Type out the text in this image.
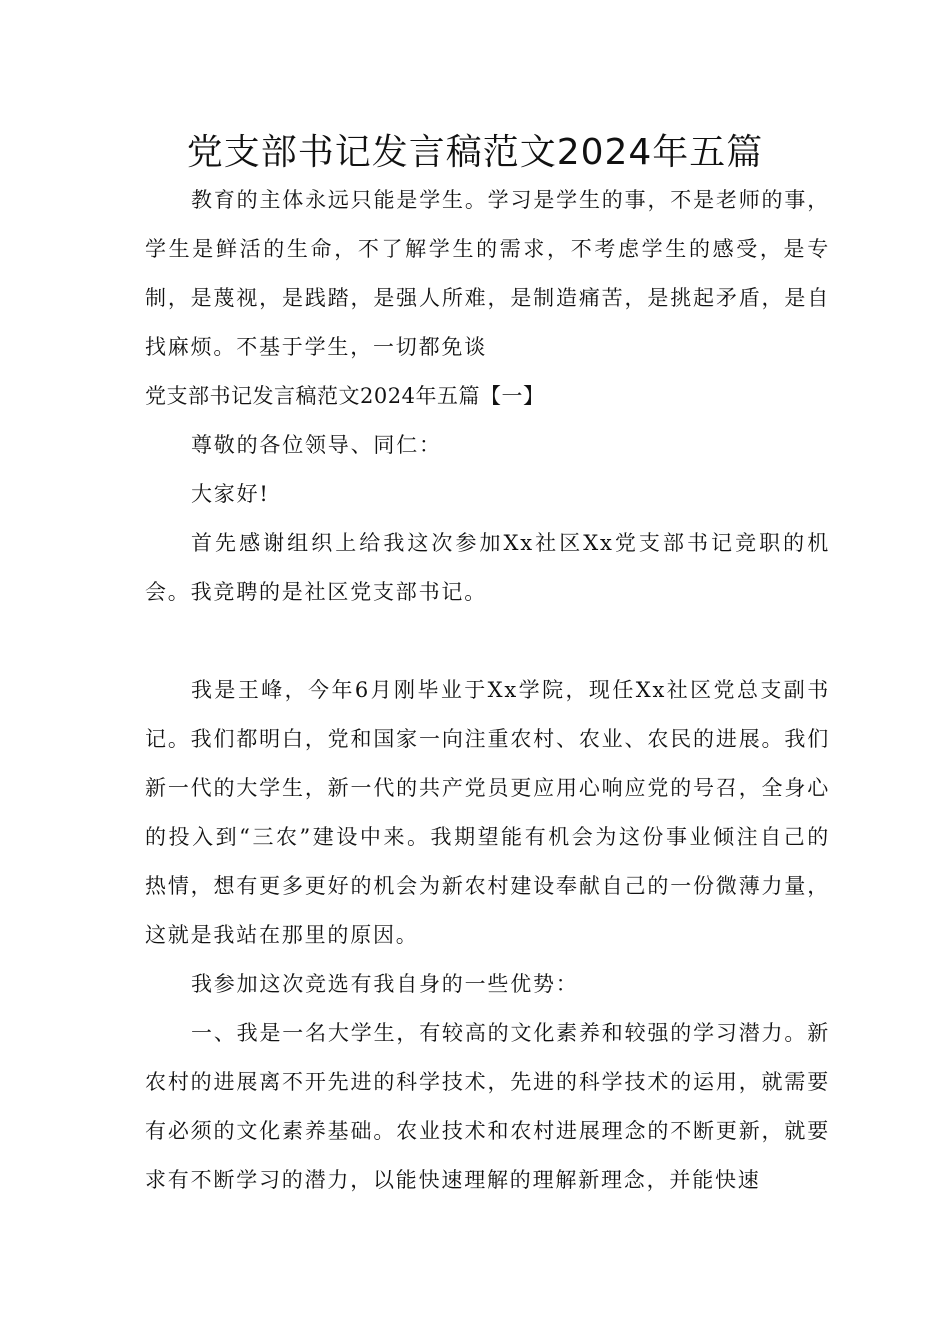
党支部书记发言稿范文2024年五篇

教育的主体永远只能是学生。学习是学生的事，不是老师的事，学生是鲜活的生命，不了解学生的需求，不考虑学生的感受，是专制，是蔑视，是践踏，是强人所难，是制造痛苦，是挑起矛盾，是自找麻烦。不基于学生，一切都免谈

党支部书记发言稿范文2024年五篇【一】

尊敬的各位领导、同仁：

大家好!

首先感谢组织上给我这次参加Xx社区Xx党支部书记竞职的机会。我竞聘的是社区党支部书记。

我是王峰，今年6月刚毕业于Xx学院，现任Xx社区党总支副书记。我们都明白，党和国家一向注重农村、农业、农民的进展。我们新一代的大学生，新一代的共产党员更应用心响应党的号召，全身心的投入到“三农”建设中来。我期望能有机会为这份事业倾注自己的热情，想有更多更好的机会为新农村建设奉献自己的一份微薄力量，这就是我站在那里的原因。

我参加这次竞选有我自身的一些优势：

一、我是一名大学生，有较高的文化素养和较强的学习潜力。新农村的进展离不开先进的科学技术，先进的科学技术的运用，就需要有必须的文化素养基础。农业技术和农村进展理念的不断更新，就要求有不断学习的潜力，以能快速理解的理解新理念，并能快速
